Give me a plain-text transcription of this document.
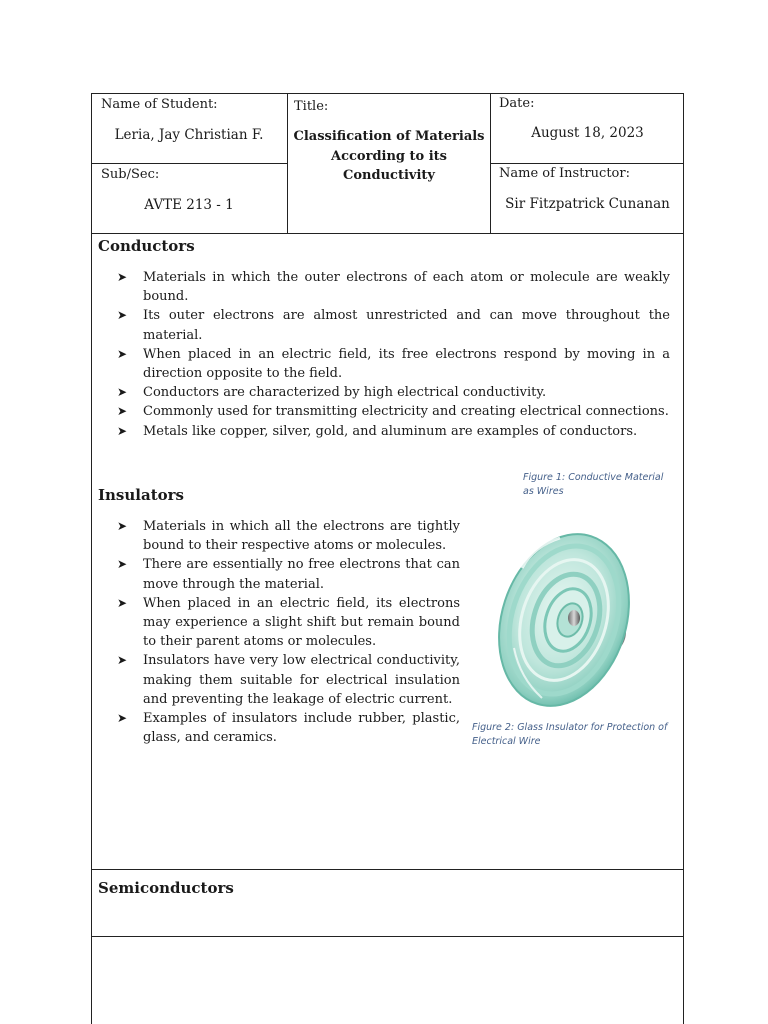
Name of Student:
Leria, Jay Christian F.
Sub/Sec:
AVTE 213 - 1
Title:
Classification of Materials
According to its
Conductivity
Date:
August 18, 2023
Name of Instructor:
Sir Fitzpatrick Cunanan
Conductors
➤ Materials in which the outer electrons of each atom or molecule are weakly bound.
➤ Its outer electrons are almost unrestricted and can move throughout the material.
➤ When placed in an electric field, its free electrons respond by moving in a direction opposite to the field.
➤ Conductors are characterized by high electrical conductivity.
➤ Commonly used for transmitting electricity and creating electrical connections.
➤ Metals like copper, silver, gold, and aluminum are examples of conductors.
Figure 1: Conductive Material as Wires
Insulators
➤ Materials in which all the electrons are tightly bound to their respective atoms or molecules.
➤ There are essentially no free electrons that can move through the material.
➤ When placed in an electric field, its electrons may experience a slight shift but remain bound to their parent atoms or molecules.
➤ Insulators have very low electrical conductivity, making them suitable for electrical insulation and preventing the leakage of electric current.
➤ Examples of insulators include rubber, plastic, glass, and ceramics.
Figure 2: Glass Insulator for Protection of Electrical Wire
Semiconductors
